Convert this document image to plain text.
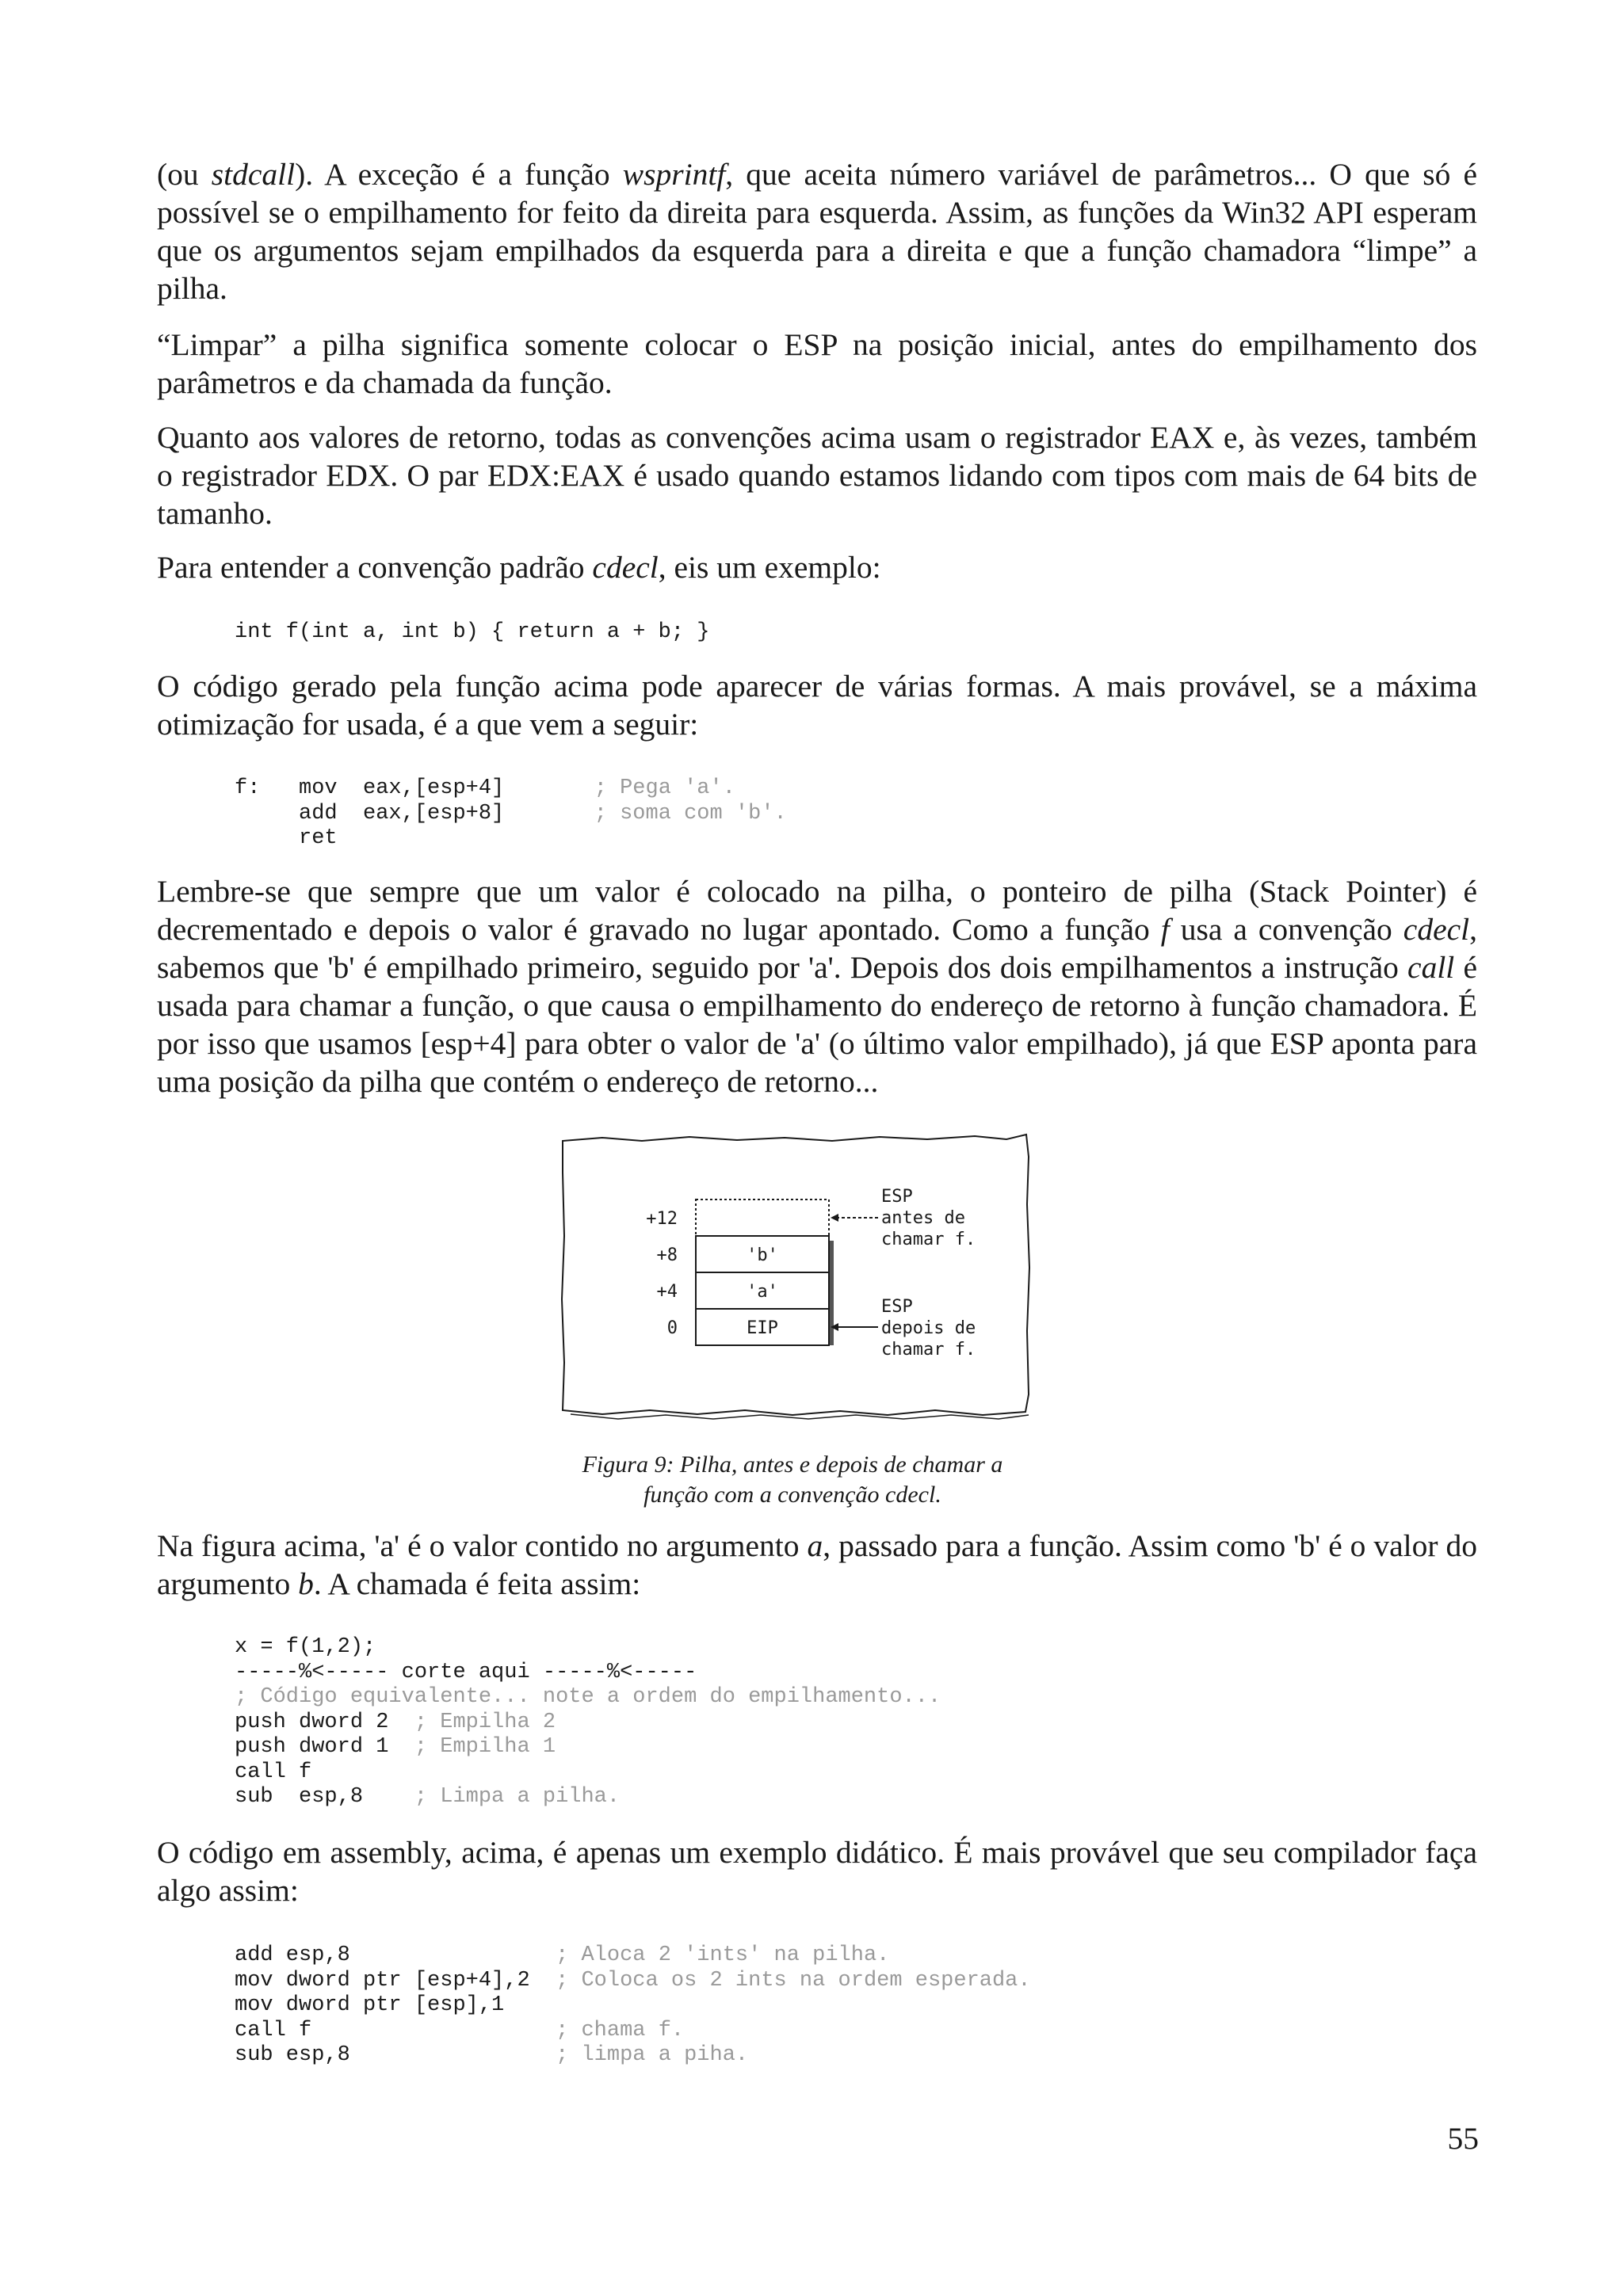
(ou stdcall). A exceção é a função wsprintf, que aceita número variável de parâmetros... O que só é possível se o empilhamento for feito da direita para esquerda. Assim, as funções da Win32 API esperam que os argumentos sejam empilhados da esquerda para a direita e que a função chamadora “limpe” a pilha.

“Limpar” a pilha significa somente colocar o ESP na posição inicial, antes do empilhamento dos parâmetros e da chamada da função.

Quanto aos valores de retorno, todas as convenções acima usam o registrador EAX e, às vezes, também o registrador EDX. O par EDX:EAX é usado quando estamos lidando com tipos com mais de 64 bits de tamanho.

Para entender a convenção padrão cdecl, eis um exemplo:

int f(int a, int b) { return a + b; }

O código gerado pela função acima pode aparecer de várias formas. A mais provável, se a máxima otimização for usada, é a que vem a seguir:

f:   mov  eax,[esp+4]       ; Pega 'a'.
add  eax,[esp+8]       ; soma com 'b'.
ret

Lembre-se que sempre que um valor é colocado na pilha, o ponteiro de pilha (Stack Pointer) é decrementado e depois o valor é gravado no lugar apontado. Como a função f usa a convenção cdecl, sabemos que 'b' é empilhado primeiro, seguido por 'a'. Depois dos dois empilhamentos a instrução call é usada para chamar a função, o que causa o empilhamento do endereço de retorno à função chamadora. É por isso que usamos [esp+4] para obter o valor de 'a' (o último valor empilhado), já que ESP aponta para uma posição da pilha que contém o endereço de retorno...

'b'
'a'
EIP
+12
+8
+4
0
ESP
antes de
chamar f.
ESP
depois de
chamar f.

Figura 9: Pilha, antes e depois de chamar a
função com a convenção cdecl.

Na figura acima, 'a' é o valor contido no argumento a, passado para a função. Assim como 'b' é o valor do argumento b. A chamada é feita assim:

x = f(1,2);
-----%<----- corte aqui -----%<-----
; Código equivalente... note a ordem do empilhamento...
push dword 2  ; Empilha 2
push dword 1  ; Empilha 1
call f
sub  esp,8    ; Limpa a pilha.

O código em assembly, acima, é apenas um exemplo didático. É mais provável que seu compilador faça algo assim:

add esp,8                ; Aloca 2 'ints' na pilha.
mov dword ptr [esp+4],2  ; Coloca os 2 ints na ordem esperada.
mov dword ptr [esp],1
call f                   ; chama f.
sub esp,8                ; limpa a piha.
55
